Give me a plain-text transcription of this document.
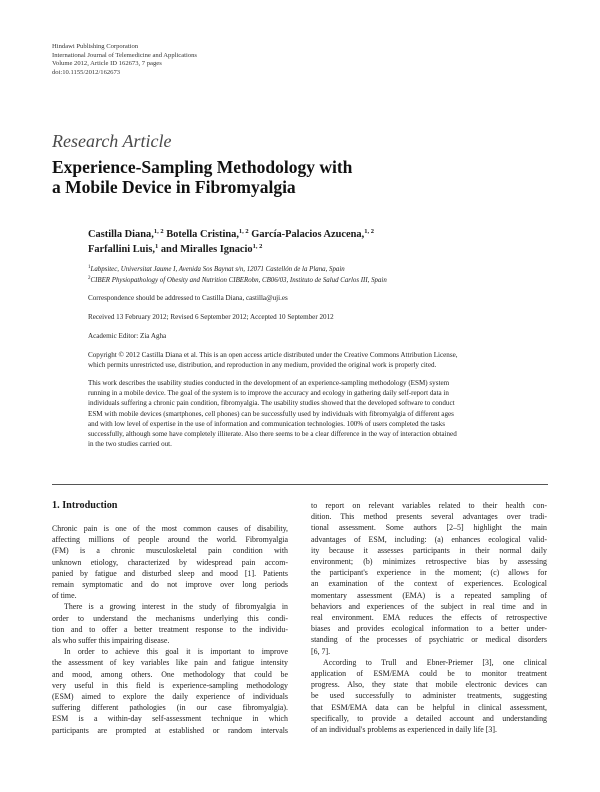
Hindawi Publishing Corporation
International Journal of Telemedicine and Applications
Volume 2012, Article ID 162673, 7 pages
doi:10.1155/2012/162673
Research Article
Experience-Sampling Methodology with
a Mobile Device in Fibromyalgia
Castilla Diana,$^{1, 2}$ Botella Cristina,$^{1, 2}$ García-Palacios Azucena,$^{1, 2}$
Farfallini Luis,$^1$ and Miralles Ignacio$^{1, 2}$
$^1$Labpsitec, Universitat Jaume I, Avenida Sos Baynat s/n, 12071 Castellón de la Plana, Spain
$^2$CIBER Physiopathology of Obesity and Nutrition CIBERobn, CB06/03, Instituto de Salud Carlos III, Spain
Correspondence should be addressed to Castilla Diana, castilla@uji.es
Received 13 February 2012; Revised 6 September 2012; Accepted 10 September 2012
Academic Editor: Zia Agha
Copyright © 2012 Castilla Diana et al. This is an open access article distributed under the Creative Commons Attribution License,
which permits unrestricted use, distribution, and reproduction in any medium, provided the original work is properly cited.
This work describes the usability studies conducted in the development of an experience-sampling methodology (ESM) system
running in a mobile device. The goal of the system is to improve the accuracy and ecology in gathering daily self-report data in
individuals suffering a chronic pain condition, fibromyalgia. The usability studies showed that the developed software to conduct
ESM with mobile devices (smartphones, cell phones) can be successfully used by individuals with fibromyalgia of different ages
and with low level of expertise in the use of information and communication technologies. 100% of users completed the tasks
successfully, although some have completely illiterate. Also there seems to be a clear difference in the way of interaction obtained
in the two studies carried out.
1. Introduction
Chronic pain is one of the most common causes of disability,
affecting millions of people around the world. Fibromyalgia
(FM) is a chronic musculoskeletal pain condition with
unknown etiology, characterized by widespread pain accom-
panied by fatigue and disturbed sleep and mood [1]. Patients
remain symptomatic and do not improve over long periods
of time.
There is a growing interest in the study of fibromyalgia in
order to understand the mechanisms underlying this condi-
tion and to offer a better treatment response to the individu-
als who suffer this impairing disease.
In order to achieve this goal it is important to improve
the assessment of key variables like pain and fatigue intensity
and mood, among others. One methodology that could be
very useful in this field is experience-sampling methodology
(ESM) aimed to explore the daily experience of individuals
suffering different pathologies (in our case fibromyalgia).
ESM is a within-day self-assessment technique in which
participants are prompted at established or random intervals
to report on relevant variables related to their health con-
dition. This method presents several advantages over tradi-
tional assessment. Some authors [2–5] highlight the main
advantages of ESM, including: (a) enhances ecological valid-
ity because it assesses participants in their normal daily
environment; (b) minimizes retrospective bias by assessing
the participant's experience in the moment; (c) allows for
an examination of the context of experiences. Ecological
momentary assessment (EMA) is a repeated sampling of
behaviors and experiences of the subject in real time and in
real environment. EMA reduces the effects of retrospective
biases and provides ecological information to a better under-
standing of the processes of psychiatric or medical disorders
[6, 7].
According to Trull and Ebner-Priemer [3], one clinical
application of ESM/EMA could be to monitor treatment
progress. Also, they state that mobile electronic devices can
be used successfully to administer treatments, suggesting
that ESM/EMA data can be helpful in clinical assessment,
specifically, to provide a detailed account and understanding
of an individual's problems as experienced in daily life [3].
